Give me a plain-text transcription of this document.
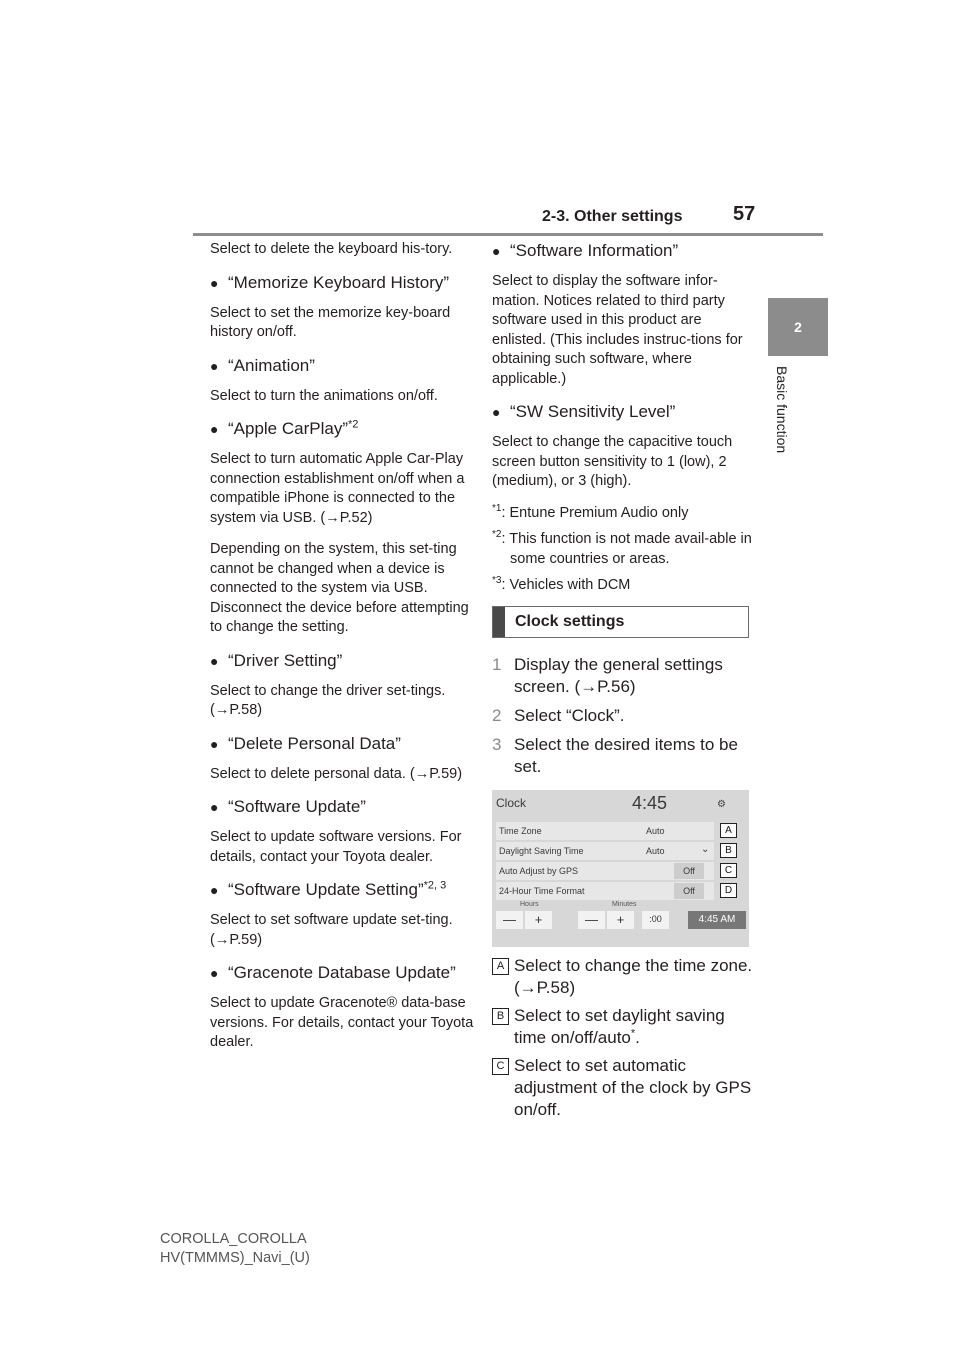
2-3. Other settings	57
2
Basic function

Select to delete the keyboard his-tory.

● “Memorize Keyboard History”

Select to set the memorize key-board history on/off.

● “Animation”

Select to turn the animations on/off.

● “Apple CarPlay”$^{*2}$

Select to turn automatic Apple Car-Play connection establishment on/off when a compatible iPhone is connected to the system via USB. (→P.52)

Depending on the system, this set-ting cannot be changed when a device is connected to the system via USB. Disconnect the device before attempting to change the setting.

● “Driver Setting”

Select to change the driver set-tings. (→P.58)

● “Delete Personal Data”

Select to delete personal data. (→P.59)

● “Software Update”

Select to update software versions. For details, contact your Toyota dealer.

● “Software Update Setting”$^{*2, 3}$

Select to set software update set-ting. (→P.59)

● “Gracenote Database Update”

Select to update Gracenote® data-base versions. For details, contact your Toyota dealer.

● “Software Information”

Select to display the software infor-mation. Notices related to third party software used in this product are enlisted. (This includes instruc-tions for obtaining such software, where applicable.)

● “SW Sensitivity Level”

Select to change the capacitive touch screen button sensitivity to 1 (low), 2 (medium), or 3 (high).

$^{*1}$: Entune Premium Audio only

$^{*2}$: This function is not made avail-able in some countries or areas.

$^{*3}$: Vehicles with DCM

Clock settings

1 Display the general settings screen. (→P.56)

2 Select “Clock”.

3 Select the desired items to be set.

Clock	4:45	⚙
Time Zone	Auto	A
Daylight Saving Time	Auto	⌄	B
Auto Adjust by GPS	Off	C
24-Hour Time Format	Off	D
Hours	Minutes
—	+	—	+	:00	4:45 AM

A Select to change the time zone. (→P.58)

B Select to set daylight saving time on/off/auto*.

C Select to set automatic adjustment of the clock by GPS on/off.

COROLLA_COROLLA
HV(TMMMS)_Navi_(U)
